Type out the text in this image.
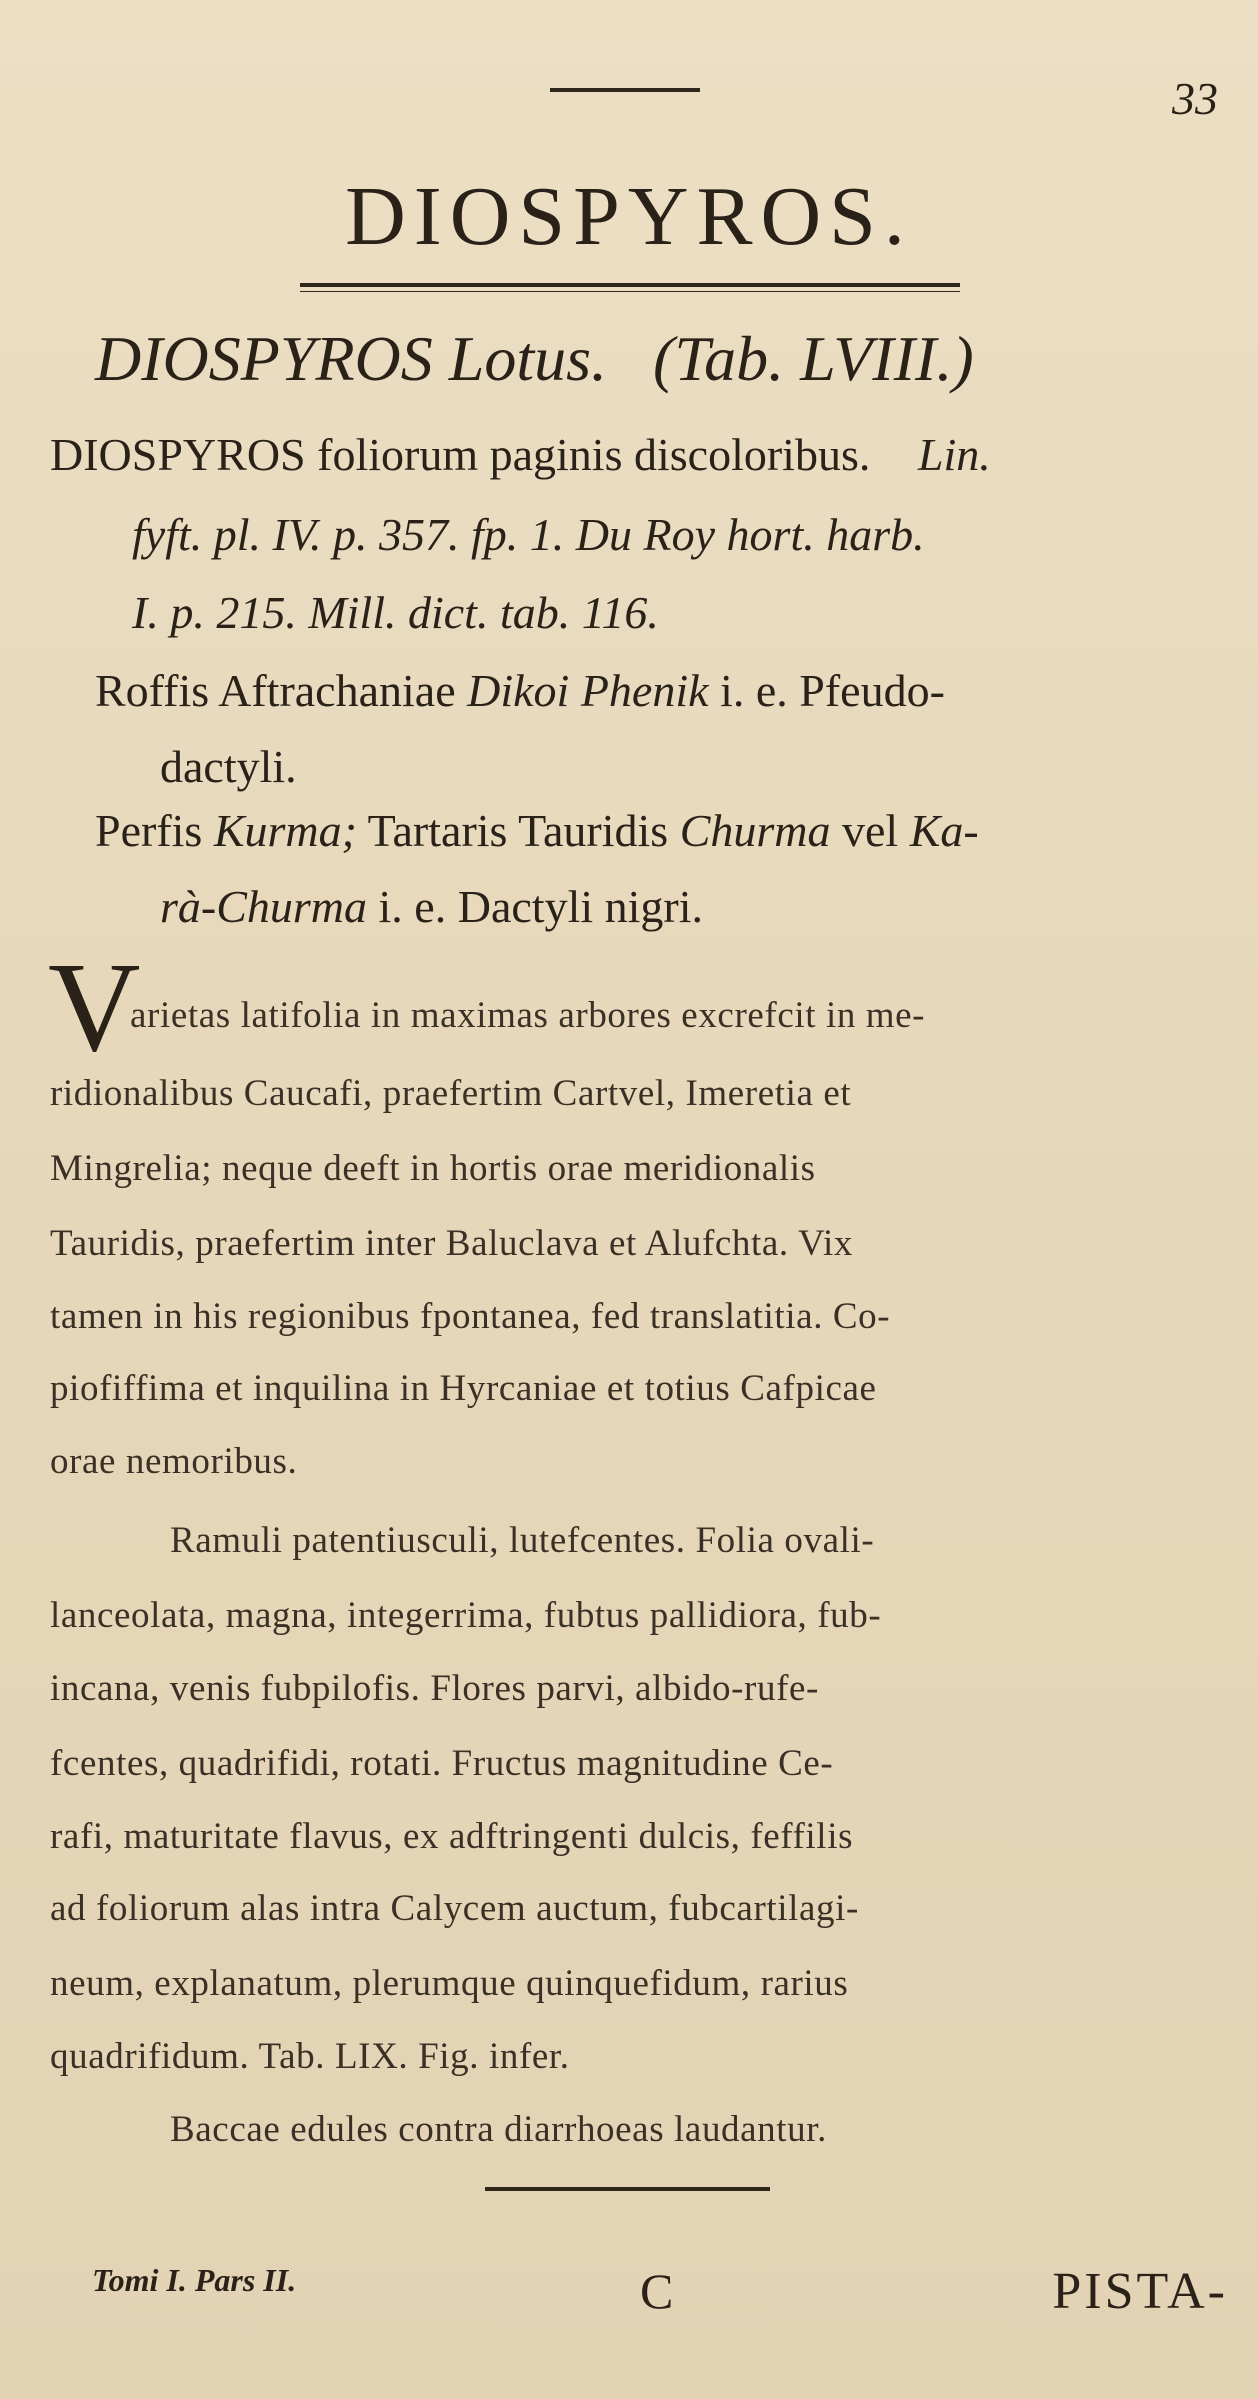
33
DIOSPYROS.
DIOSPYROS Lotus. (Tab. LVIII.)
DIOSPYROS foliorum paginis discoloribus. Lin.
fyft. pl. IV. p. 357. fp. 1. Du Roy hort. harb.
I. p. 215. Mill. dict. tab. 116.
Roffis Aftrachaniae Dikoi Phenik i. e. Pfeudo-
dactyli.
Perfis Kurma; Tartaris Tauridis Churma vel Ka-
rà-Churma i. e. Dactyli nigri.
V
arietas latifolia in maximas arbores excrefcit in me-
ridionalibus Caucafi, praefertim Cartvel, Imeretia et
Mingrelia; neque deeft in hortis orae meridionalis
Tauridis, praefertim inter Baluclava et Alufchta. Vix
tamen in his regionibus fpontanea, fed translatitia. Co-
piofiffima et inquilina in Hyrcaniae et totius Cafpicae
orae nemoribus.
Ramuli patentiusculi, lutefcentes. Folia ovali-
lanceolata, magna, integerrima, fubtus pallidiora, fub-
incana, venis fubpilofis. Flores parvi, albido-rufe-
fcentes, quadrifidi, rotati. Fructus magnitudine Ce-
rafi, maturitate flavus, ex adftringenti dulcis, feffilis
ad foliorum alas intra Calycem auctum, fubcartilagi-
neum, explanatum, plerumque quinquefidum, rarius
quadrifidum. Tab. LIX. Fig. infer.
Baccae edules contra diarrhoeas laudantur.
Tomi I. Pars II.	C	PISTA-
